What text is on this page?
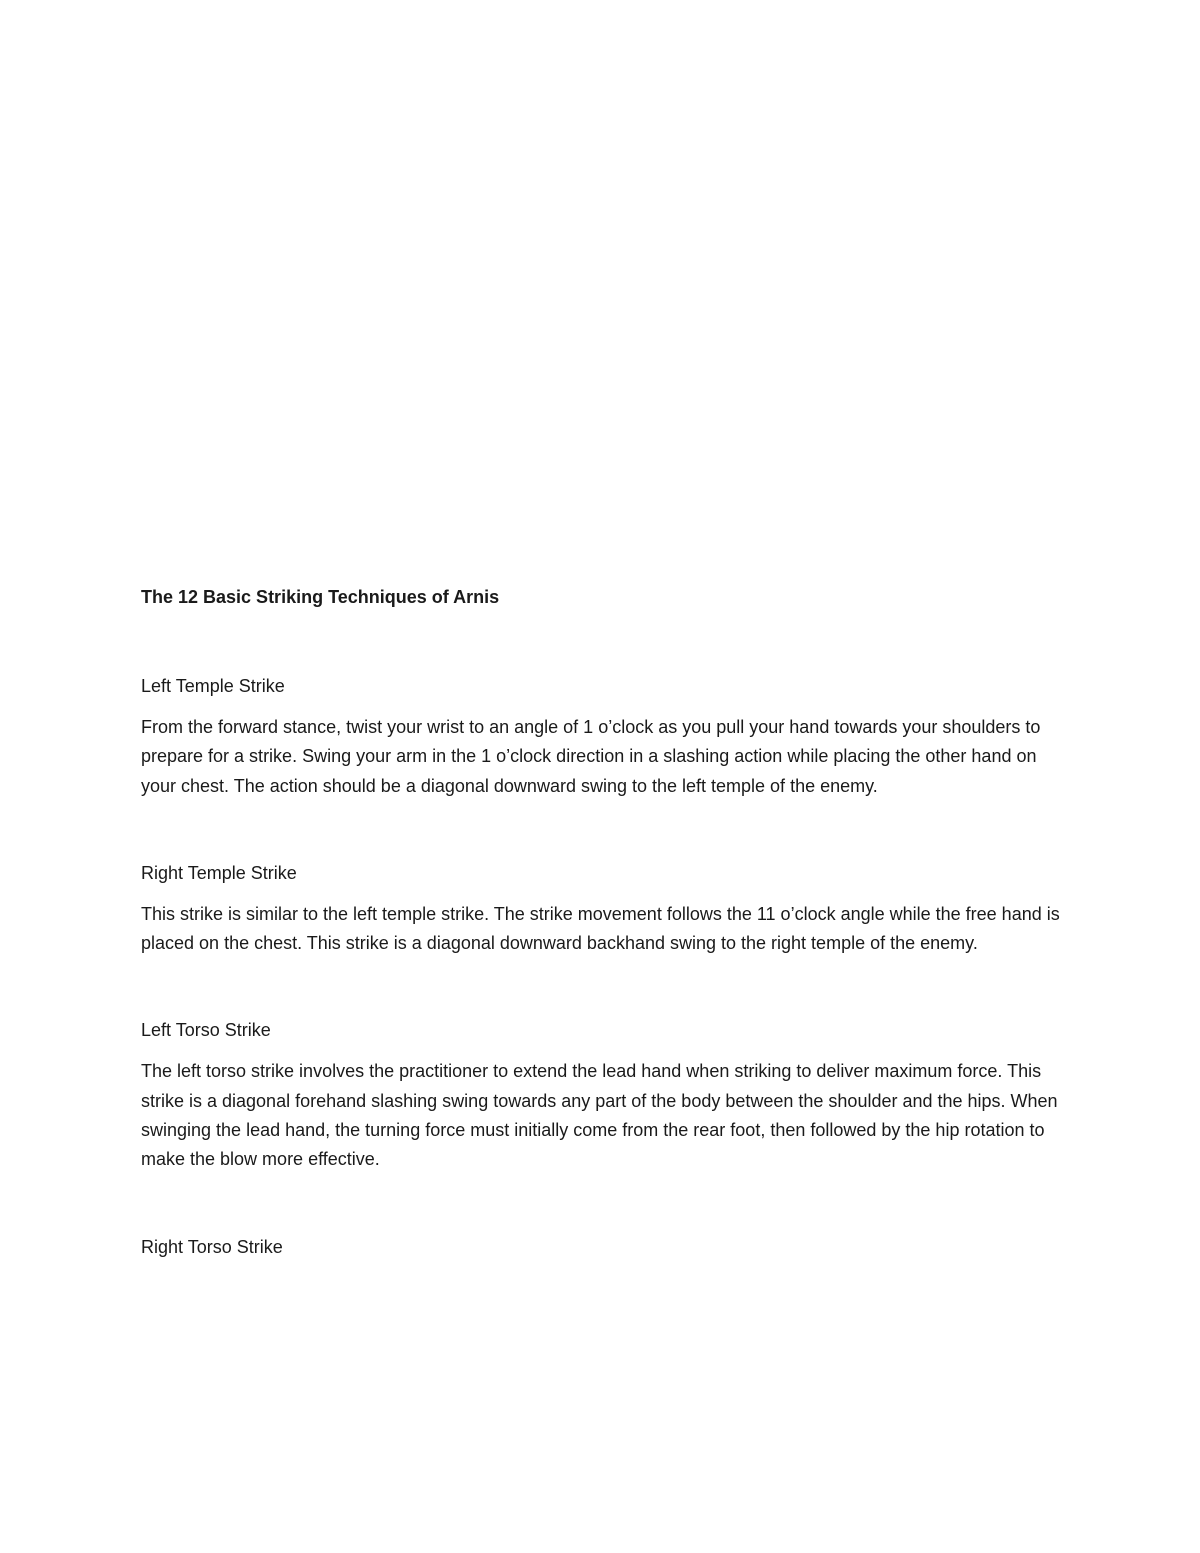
The 12 Basic Striking Techniques of Arnis
Left Temple Strike

From the forward stance, twist your wrist to an angle of 1 o’clock as you pull your hand towards your shoulders to prepare for a strike. Swing your arm in the 1 o’clock direction in a slashing action while placing the other hand on your chest. The action should be a diagonal downward swing to the left temple of the enemy.

Right Temple Strike

This strike is similar to the left temple strike. The strike movement follows the 11 o’clock angle while the free hand is placed on the chest. This strike is a diagonal downward backhand swing to the right temple of the enemy.

Left Torso Strike

The left torso strike involves the practitioner to extend the lead hand when striking to deliver maximum force. This strike is a diagonal forehand slashing swing towards any part of the body between the shoulder and the hips. When swinging the lead hand, the turning force must initially come from the rear foot, then followed by the hip rotation to make the blow more effective.

Right Torso Strike
